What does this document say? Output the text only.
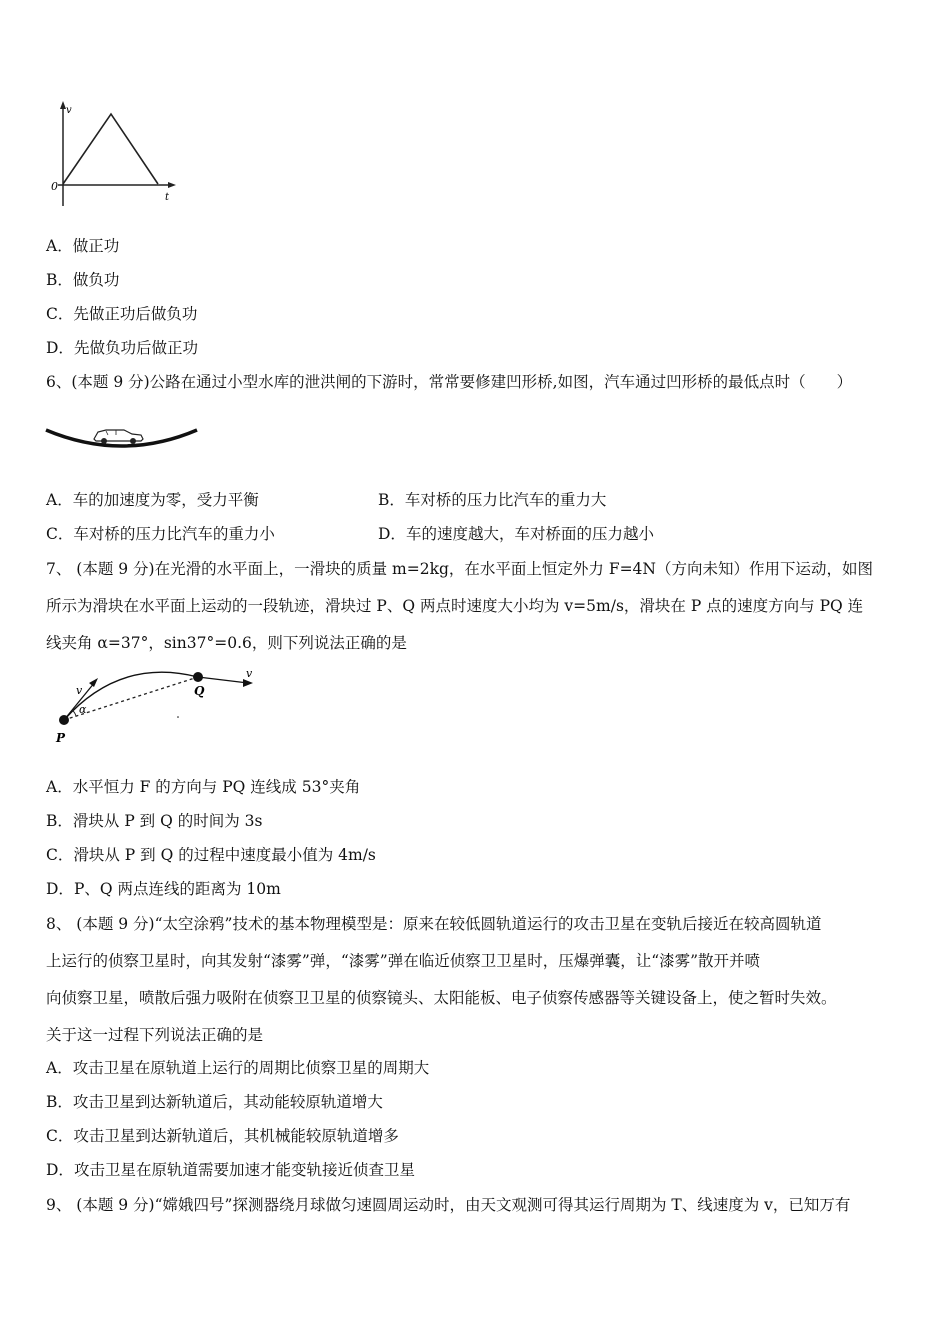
v
t
0
A．做正功
B．做负功
C．先做正功后做负功
D．先做负功后做正功
6、(本题 9 分)公路在通过小型水库的泄洪闸的下游时，常常要修建凹形桥,如图，汽车通过凹形桥的最低点时（　　）
A．车的加速度为零，受力平衡	B．车对桥的压力比汽车的重力大
C．车对桥的压力比汽车的重力小	D．车的速度越大，车对桥面的压力越小
7、 (本题 9 分)在光滑的水平面上，一滑块的质量 m=2kg，在水平面上恒定外力 F=4N（方向未知）作用下运动，如图
所示为滑块在水平面上运动的一段轨迹，滑块过 P、Q 两点时速度大小均为 v=5m/s，滑块在 P 点的速度方向与 PQ 连
线夹角 α=37°，sin37°=0.6，则下列说法正确的是
P
Q
v
v
α
A．水平恒力 F 的方向与 PQ 连线成 53°夹角
B．滑块从 P 到 Q 的时间为 3s
C．滑块从 P 到 Q 的过程中速度最小值为 4m/s
D．P、Q 两点连线的距离为 10m
8、 (本题 9 分)“太空涂鸦”技术的基本物理模型是：原来在较低圆轨道运行的攻击卫星在变轨后接近在较高圆轨道
上运行的侦察卫星时，向其发射“漆雾”弹，“漆雾”弹在临近侦察卫卫星时，压爆弹囊，让“漆雾”散开并喷
向侦察卫星，喷散后强力吸附在侦察卫卫星的侦察镜头、太阳能板、电子侦察传感器等关键设备上，使之暂时失效。
关于这一过程下列说法正确的是
A．攻击卫星在原轨道上运行的周期比侦察卫星的周期大
B．攻击卫星到达新轨道后，其动能较原轨道增大
C．攻击卫星到达新轨道后，其机械能较原轨道增多
D．攻击卫星在原轨道需要加速才能变轨接近侦查卫星
9、 (本题 9 分)“嫦娥四号”探测器绕月球做匀速圆周运动时，由天文观测可得其运行周期为 T、线速度为 v，已知万有
